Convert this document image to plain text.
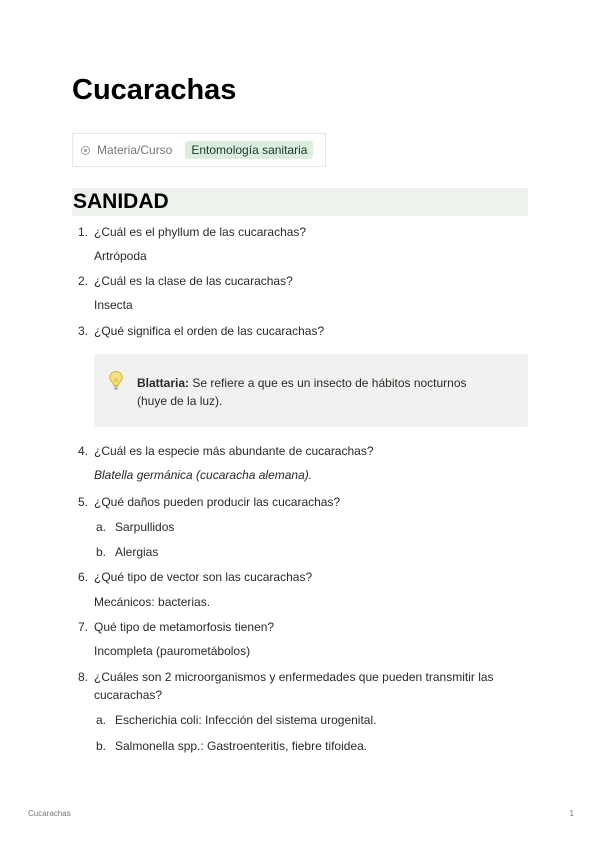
Cucarachas
Materia/Curso	Entomología sanitaria
SANIDAD
1. ¿Cuál es el phyllum de las cucarachas?
Artrópoda
2. ¿Cuál es la clase de las cucarachas?
Insecta
3. ¿Qué significa el orden de las cucarachas?
Blattaria: Se refiere a que es un insecto de hábitos nocturnos
(huye de la luz).
4. ¿Cuál es la especie más abundante de cucarachas?
Blatella germánica (cucaracha alemana).
5. ¿Qué daños pueden producir las cucarachas?
a. Sarpullidos
b. Alergias
6. ¿Qué tipo de vector son las cucarachas?
Mecánicos: bacterias.
7. Qué tipo de metamorfosis tienen?
Incompleta (paurometábolos)
8. ¿Cuáles son 2 microorganismos y enfermedades que pueden transmitir las
cucarachas?
a. Escherichia coli: Infección del sistema urogenital.
b. Salmonella spp.: Gastroenteritis, fiebre tifoidea.
Cucarachas	1
